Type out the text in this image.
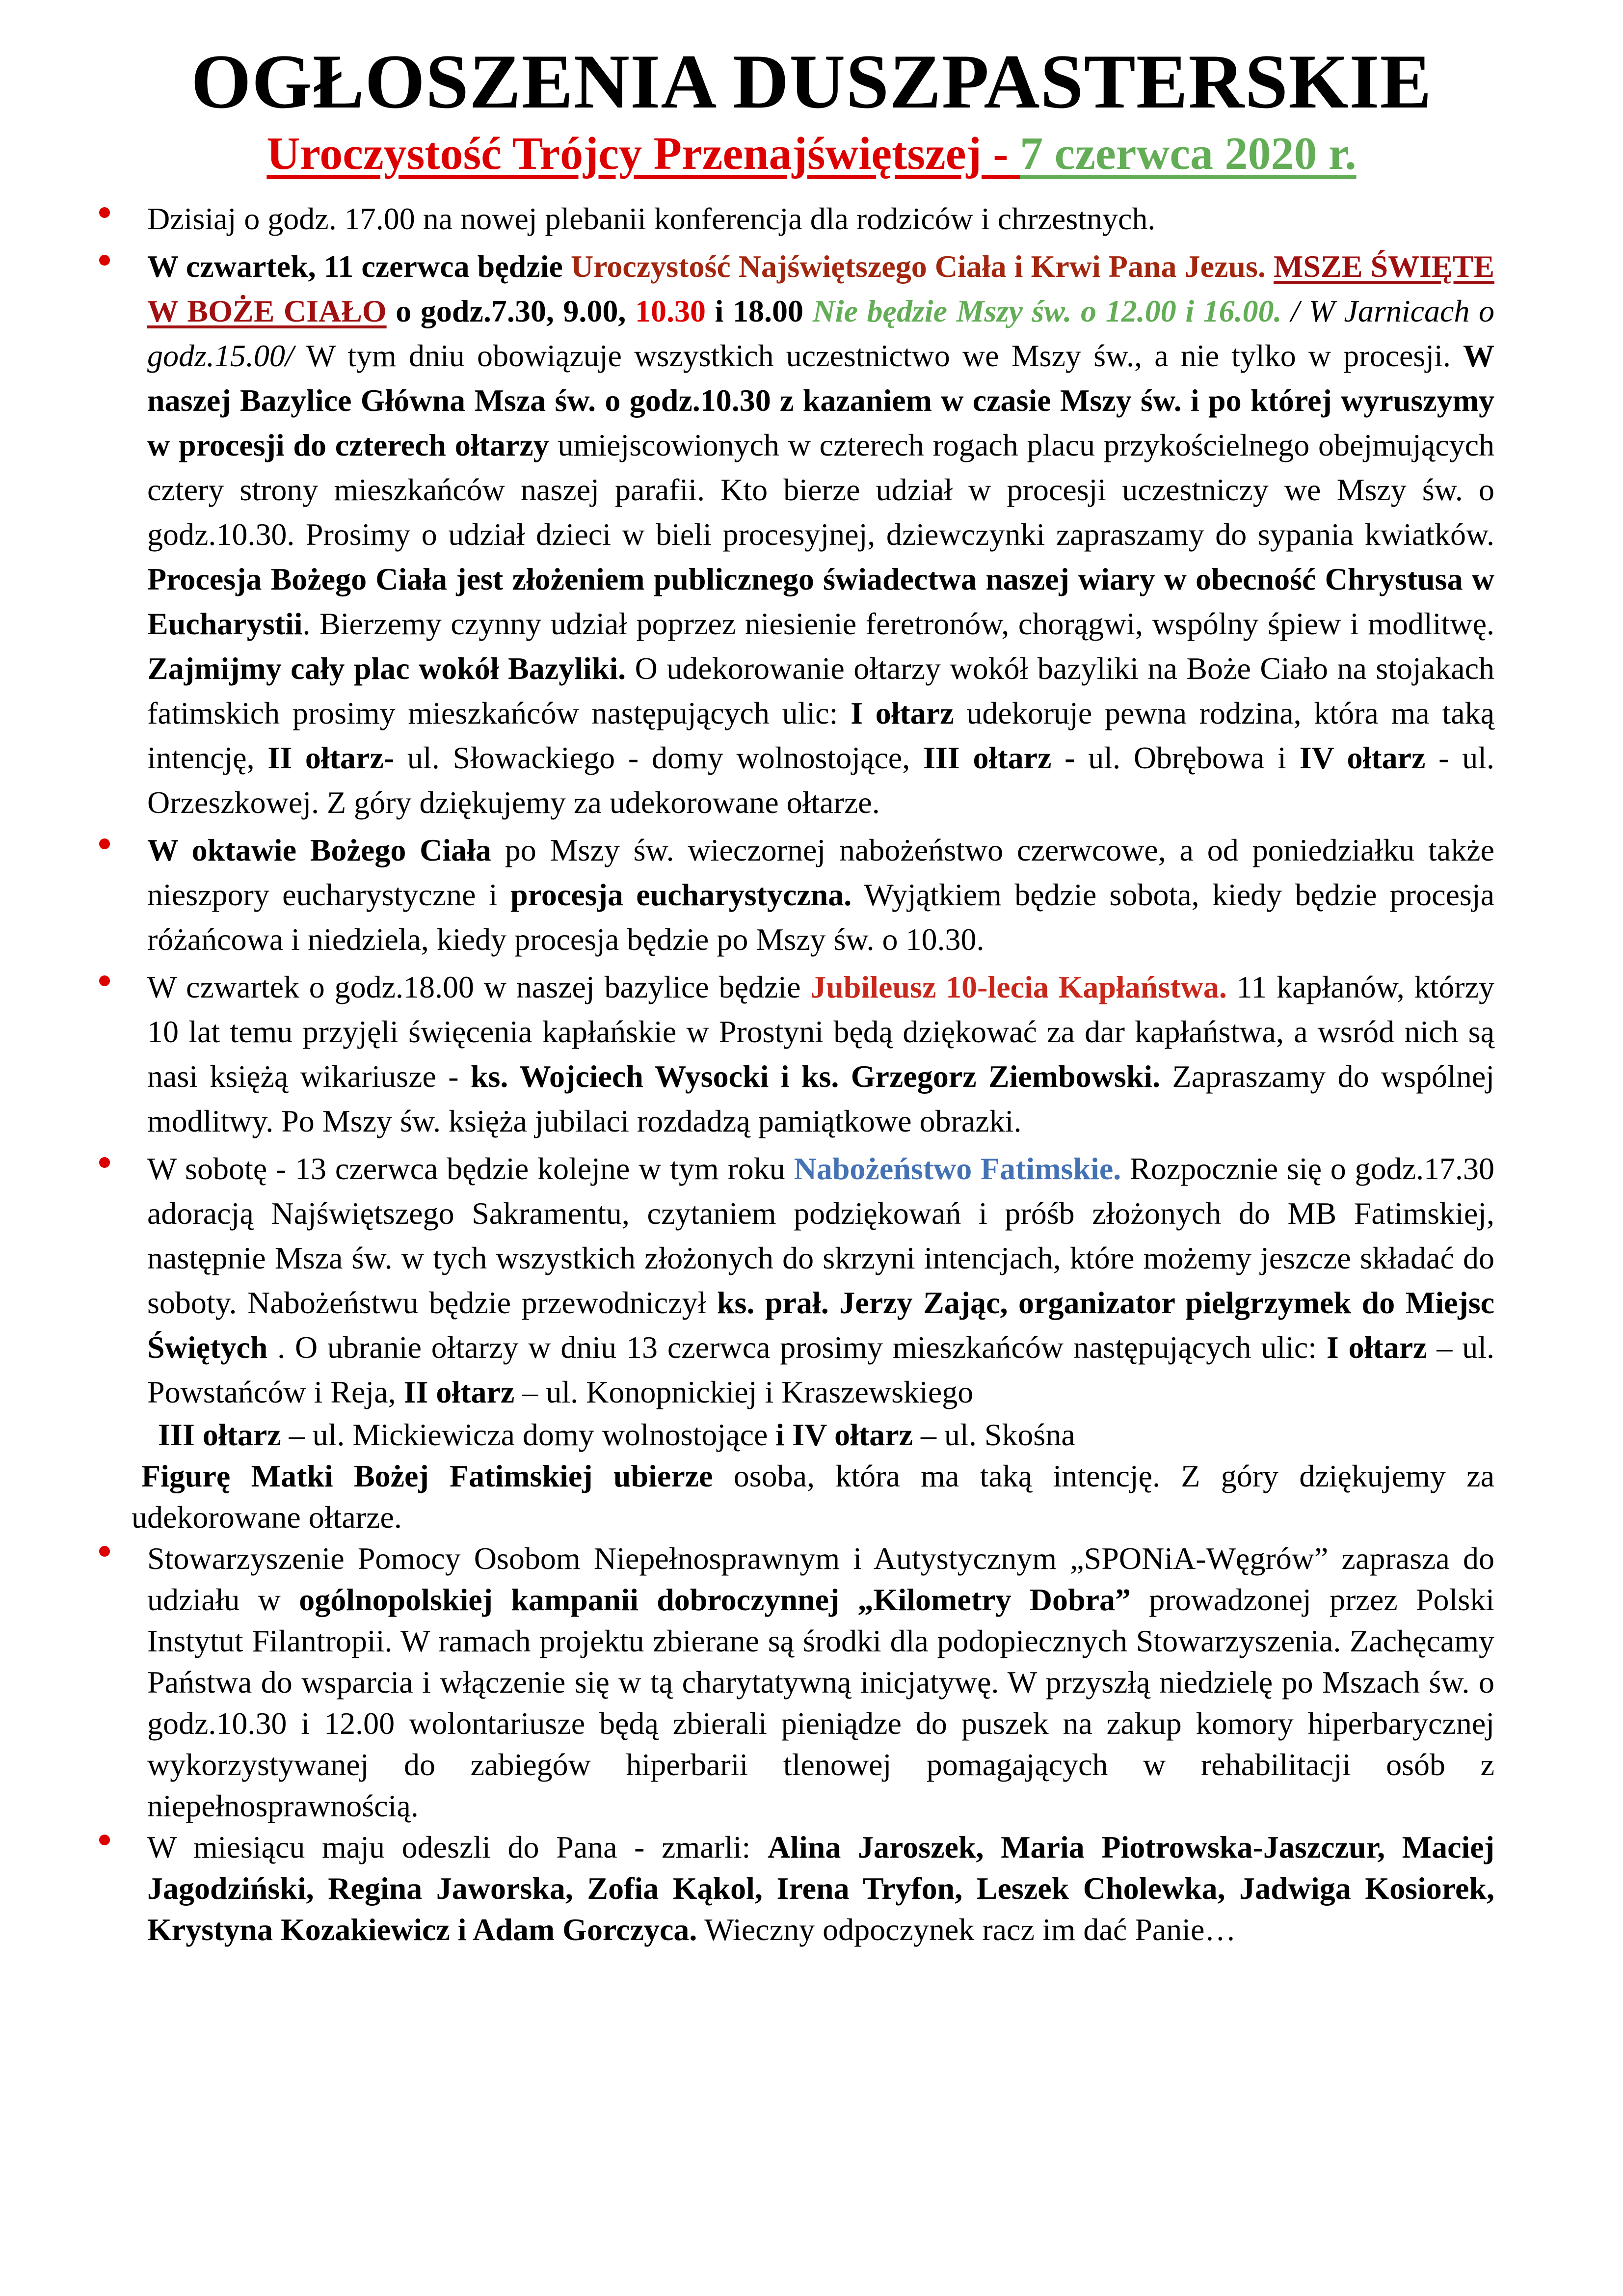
OGŁOSZENIA DUSZPASTERSKIE
Uroczystość Trójcy Przenajświętszej - 7 czerwca 2020 r.
Dzisiaj o godz. 17.00 na nowej plebanii konferencja dla rodziców i chrzestnych.
W czwartek, 11 czerwca będzie Uroczystość Najświętszego Ciała i Krwi Pana Jezus. MSZE ŚWIĘTE W BOŻE CIAŁO o godz.7.30, 9.00, 10.30 i 18.00 Nie będzie Mszy św. o 12.00 i 16.00. / W Jarnicach o godz.15.00/ W tym dniu obowiązuje wszystkich uczestnictwo we Mszy św., a nie tylko w procesji. W naszej Bazylice Główna Msza św. o godz.10.30 z kazaniem w czasie Mszy św. i po której wyruszymy w procesji do czterech ołtarzy umiejscowionych w czterech rogach placu przykościelnego obejmujących cztery strony mieszkańców naszej parafii. Kto bierze udział w procesji uczestniczy we Mszy św. o godz.10.30. Prosimy o udział dzieci w bieli procesyjnej, dziewczynki zapraszamy do sypania kwiatków. Procesja Bożego Ciała jest złożeniem publicznego świadectwa naszej wiary w obecność Chrystusa w Eucharystii. Bierzemy czynny udział poprzez niesienie feretronów, chorągwi, wspólny śpiew i modlitwę. Zajmijmy cały plac wokół Bazyliki. O udekorowanie ołtarzy wokół bazyliki na Boże Ciało na stojakach fatimskich prosimy mieszkańców następujących ulic: I ołtarz udekoruje pewna rodzina, która ma taką intencję, II ołtarz- ul. Słowackiego - domy wolnostojące, III ołtarz - ul. Obrębowa i IV ołtarz - ul. Orzeszkowej. Z góry dziękujemy za udekorowane ołtarze.
W oktawie Bożego Ciała po Mszy św. wieczornej nabożeństwo czerwcowe, a od poniedziałku także nieszpory eucharystyczne i procesja eucharystyczna. Wyjątkiem będzie sobota, kiedy będzie procesja różańcowa i niedziela, kiedy procesja będzie po Mszy św. o 10.30.
W czwartek o godz.18.00 w naszej bazylice będzie Jubileusz 10-lecia Kapłaństwa. 11 kapłanów, którzy 10 lat temu przyjęli święcenia kapłańskie w Prostyni będą dziękować za dar kapłaństwa, a wsród nich są nasi księżą wikariusze - ks. Wojciech Wysocki i ks. Grzegorz Ziembowski. Zapraszamy do wspólnej modlitwy. Po Mszy św. księża jubilaci rozdadzą pamiątkowe obrazki.
W sobotę - 13 czerwca będzie kolejne w tym roku Nabożeństwo Fatimskie. Rozpocznie się o godz.17.30 adoracją Najświętszego Sakramentu, czytaniem podziękowań i próśb złożonych do MB Fatimskiej, następnie Msza św. w tych wszystkich złożonych do skrzyni intencjach, które możemy jeszcze składać do soboty. Nabożeństwu będzie przewodniczył ks. prał. Jerzy Zając, organizator pielgrzymek do Miejsc Świętych . O ubranie ołtarzy w dniu 13 czerwca prosimy mieszkańców następujących ulic: I ołtarz – ul. Powstańców i Reja, II ołtarz – ul. Konopnickiej i Kraszewskiego
III ołtarz – ul. Mickiewicza domy wolnostojące i IV ołtarz – ul. Skośna
Figurę Matki Bożej Fatimskiej ubierze osoba, która ma taką intencję. Z góry dziękujemy za udekorowane ołtarze.
Stowarzyszenie Pomocy Osobom Niepełnosprawnym i Autystycznym „SPONiA-Węgrów” zaprasza do udziału w ogólnopolskiej kampanii dobroczynnej „Kilometry Dobra” prowadzonej przez Polski Instytut Filantropii. W ramach projektu zbierane są środki dla podopiecznych Stowarzyszenia. Zachęcamy Państwa do wsparcia i włączenie się w tą charytatywną inicjatywę. W przyszłą niedzielę po Mszach św. o godz.10.30 i 12.00 wolontariusze będą zbierali pieniądze do puszek na zakup komory hiperbarycznej wykorzystywanej do zabiegów hiperbarii tlenowej pomagających w rehabilitacji osób z niepełnosprawnością.
W miesiącu maju odeszli do Pana - zmarli: Alina Jaroszek, Maria Piotrowska-Jaszczur, Maciej Jagodziński, Regina Jaworska, Zofia Kąkol, Irena Tryfon, Leszek Cholewka, Jadwiga Kosiorek, Krystyna Kozakiewicz i Adam Gorczyca. Wieczny odpoczynek racz im dać Panie…
